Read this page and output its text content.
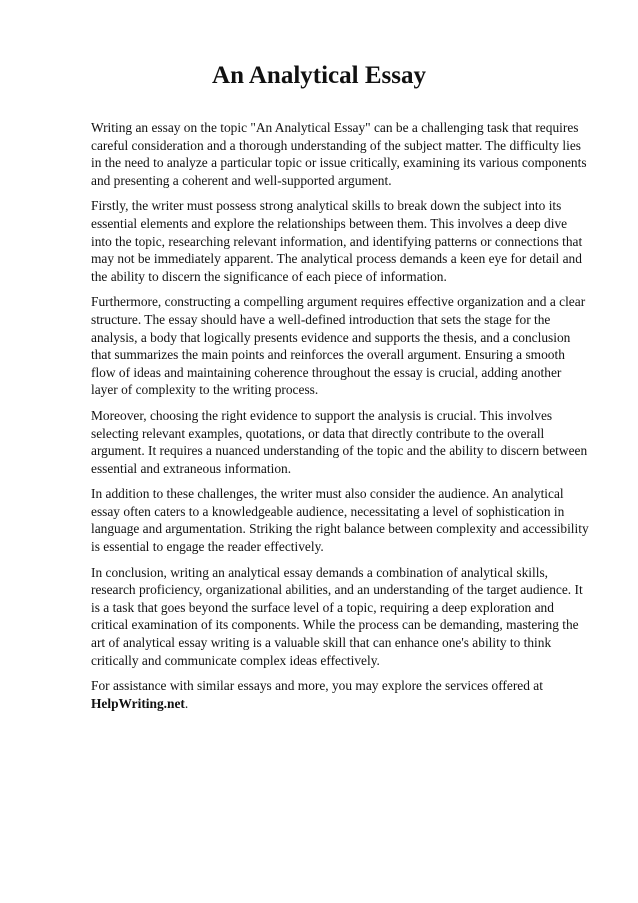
An Analytical Essay

Writing an essay on the topic "An Analytical Essay" can be a challenging task that requires careful consideration and a thorough understanding of the subject matter. The difficulty lies in the need to analyze a particular topic or issue critically, examining its various components and presenting a coherent and well-supported argument.

Firstly, the writer must possess strong analytical skills to break down the subject into its essential elements and explore the relationships between them. This involves a deep dive into the topic, researching relevant information, and identifying patterns or connections that may not be immediately apparent. The analytical process demands a keen eye for detail and the ability to discern the significance of each piece of information.

Furthermore, constructing a compelling argument requires effective organization and a clear structure. The essay should have a well-defined introduction that sets the stage for the analysis, a body that logically presents evidence and supports the thesis, and a conclusion that summarizes the main points and reinforces the overall argument. Ensuring a smooth flow of ideas and maintaining coherence throughout the essay is crucial, adding another layer of complexity to the writing process.

Moreover, choosing the right evidence to support the analysis is crucial. This involves selecting relevant examples, quotations, or data that directly contribute to the overall argument. It requires a nuanced understanding of the topic and the ability to discern between essential and extraneous information.

In addition to these challenges, the writer must also consider the audience. An analytical essay often caters to a knowledgeable audience, necessitating a level of sophistication in language and argumentation. Striking the right balance between complexity and accessibility is essential to engage the reader effectively.

In conclusion, writing an analytical essay demands a combination of analytical skills, research proficiency, organizational abilities, and an understanding of the target audience. It is a task that goes beyond the surface level of a topic, requiring a deep exploration and critical examination of its components. While the process can be demanding, mastering the art of analytical essay writing is a valuable skill that can enhance one's ability to think critically and communicate complex ideas effectively.

For assistance with similar essays and more, you may explore the services offered at
HelpWriting.net.
